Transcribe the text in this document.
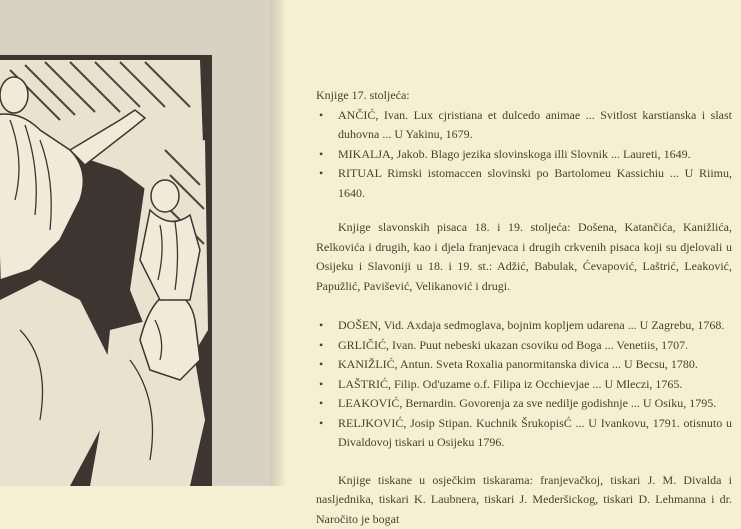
Knjige 17. stoljeća:

• ANČIĆ, Ivan. Lux cjristiana et dulcedo animae ... Svitlost karstianska i slast duhovna ... U Yakinu, 1679.
• MIKALJA, Jakob. Blago jezika slovinskoga illi Slovnik ... Laureti, 1649.
• RITUAL Rimski istomaccen slovinski po Bartolomeu Kassichiu ... U Riimu, 1640.

Knjige slavonskih pisaca 18. i 19. stoljeća: Došena, Katančića, Kanižlića, Relkovića i drugih, kao i djela franjevaca i drugih crkvenih pisaca koji su djelovali u Osijeku i Slavoniji u 18. i 19. st.: Adžić, Babulak, Ćevapović, Laštrić, Leaković, Papužlić, Pavišević, Velikanović i drugi.

• DOŠEN, Vid. Axdaja sedmoglava, bojnim kopljem udarena ... U Zagrebu, 1768.
• GRLIČIĆ, Ivan. Puut nebeski ukazan csoviku od Boga ... Venetiis, 1707.
• KANIŽLIĆ, Antun. Sveta Roxalia panormitanska divica ... U Becsu, 1780.
• LAŠTRIĆ, Filip. Od'uzame o.f. Filipa iz Occhievjae ... U Mleczi, 1765.
• LEAKOVIĆ, Bernardin. Govorenja za sve nedilje godishnje ... U Osiku, 1795.
• RELJKOVIĆ, Josip Stipan. Kuchnik ŠrukopisĆ ... U Ivankovu, 1791. otisnuto u Divaldovoj tiskari u Osijeku 1796.

Knjige tiskane u osječkim tiskarama: franjevačkoj, tiskari J. M. Divalda i nasljednika, tiskari K. Laubnera, tiskari J. Mederšickog, tiskari D. Lehmanna i dr. Naročito je bogat
